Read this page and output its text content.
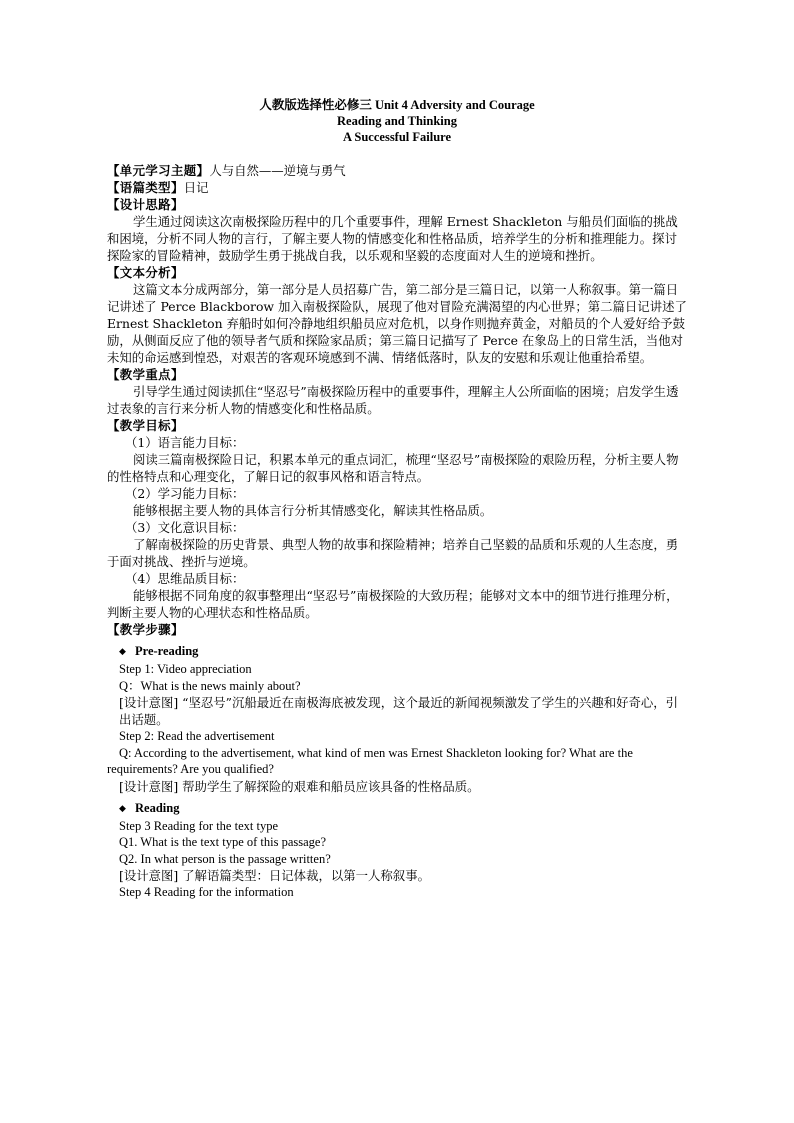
人教版选择性必修三 Unit 4 Adversity and Courage
Reading and Thinking
A Successful Failure

【单元学习主题】人与自然——逆境与勇气

【语篇类型】日记

【设计思路】

学生通过阅读这次南极探险历程中的几个重要事件，理解 Ernest Shackleton 与船员们面临的挑战和困境，分析不同人物的言行，了解主要人物的情感变化和性格品质，培养学生的分析和推理能力。探讨探险家的冒险精神，鼓励学生勇于挑战自我，以乐观和坚毅的态度面对人生的逆境和挫折。

【文本分析】

这篇文本分成两部分，第一部分是人员招募广告，第二部分是三篇日记，以第一人称叙事。第一篇日记讲述了 Perce Blackborow 加入南极探险队，展现了他对冒险充满渴望的内心世界；第二篇日记讲述了 Ernest Shackleton 弃船时如何冷静地组织船员应对危机，以身作则抛弃黄金，对船员的个人爱好给予鼓励，从侧面反应了他的领导者气质和探险家品质；第三篇日记描写了 Perce 在象岛上的日常生活，当他对未知的命运感到惶恐，对艰苦的客观环境感到不满、情绪低落时，队友的安慰和乐观让他重拾希望。

【教学重点】

引导学生通过阅读抓住“坚忍号”南极探险历程中的重要事件，理解主人公所面临的困境；启发学生透过表象的言行来分析人物的情感变化和性格品质。

【教学目标】

（1）语言能力目标：

阅读三篇南极探险日记，积累本单元的重点词汇，梳理“坚忍号”南极探险的艰险历程，分析主要人物的性格特点和心理变化，了解日记的叙事风格和语言特点。

（2）学习能力目标：

能够根据主要人物的具体言行分析其情感变化，解读其性格品质。

（3）文化意识目标：

了解南极探险的历史背景、典型人物的故事和探险精神；培养自己坚毅的品质和乐观的人生态度，勇于面对挑战、挫折与逆境。

（4）思维品质目标：

能够根据不同角度的叙事整理出“坚忍号”南极探险的大致历程；能够对文本中的细节进行推理分析，判断主要人物的心理状态和性格品质。

【教学步骤】

◆ Pre-reading

Step 1: Video appreciation

Q：What is the news mainly about?

[设计意图] “坚忍号”沉船最近在南极海底被发现，这个最近的新闻视频激发了学生的兴趣和好奇心，引出话题。

Step 2: Read the advertisement

Q: According to the advertisement, what kind of men was Ernest Shackleton looking for? What are the requirements? Are you qualified?

[设计意图] 帮助学生了解探险的艰难和船员应该具备的性格品质。

◆ Reading

Step 3 Reading for the text type

Q1. What is the text type of this passage?

Q2. In what person is the passage written?

[设计意图] 了解语篇类型：日记体裁，以第一人称叙事。

Step 4 Reading for the information
